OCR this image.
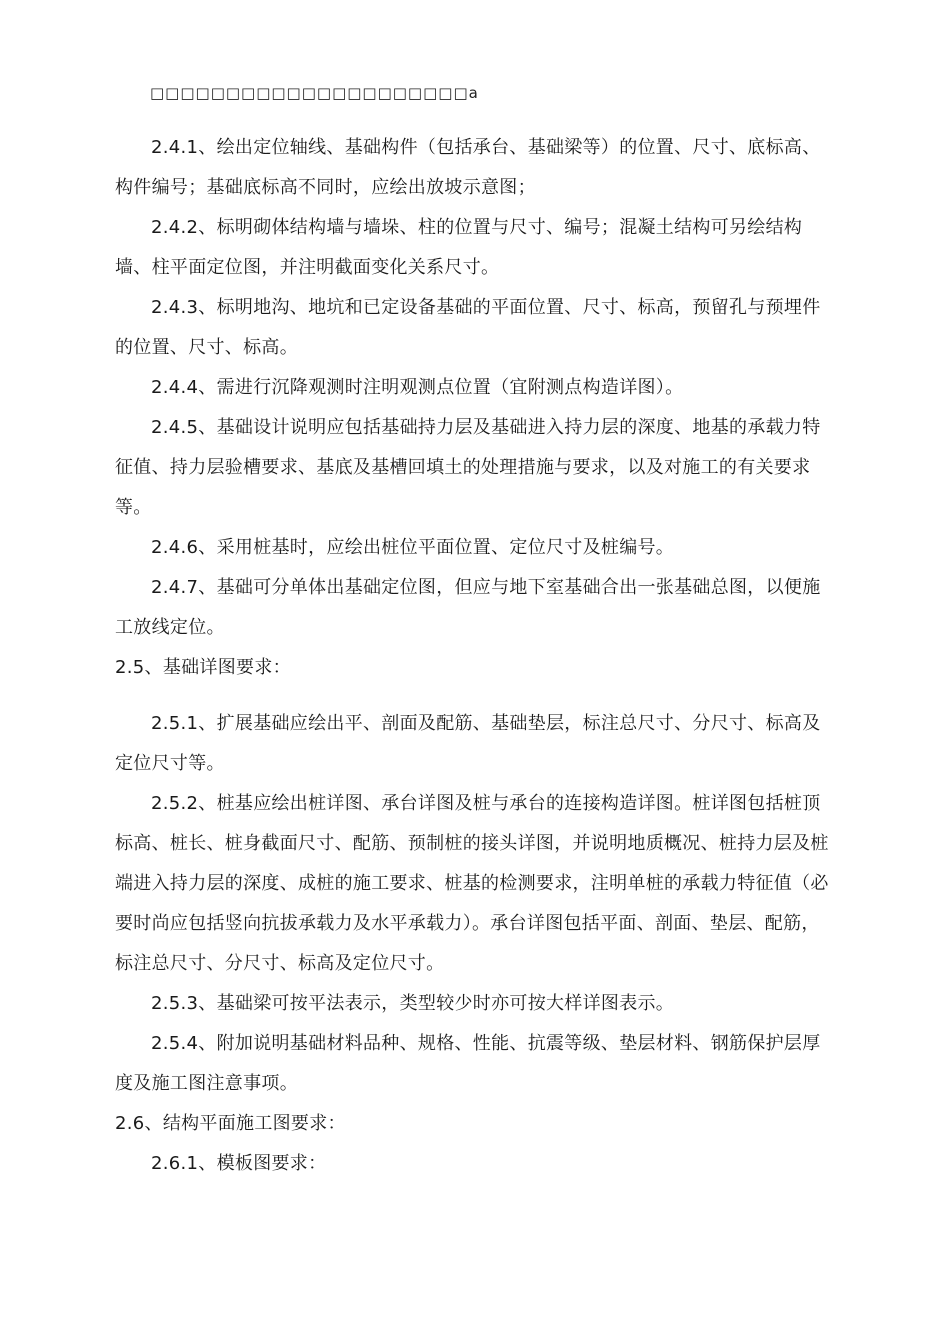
□□□□□□□□□□□□□□□□□□□□□a
2.4.1、绘出定位轴线、基础构件（包括承台、基础梁等）的位置、尺寸、底标高、构件编号；基础底标高不同时，应绘出放坡示意图；
2.4.2、标明砌体结构墙与墙垛、柱的位置与尺寸、编号；混凝土结构可另绘结构墙、柱平面定位图，并注明截面变化关系尺寸。
2.4.3、标明地沟、地坑和已定设备基础的平面位置、尺寸、标高，预留孔与预埋件的位置、尺寸、标高。
2.4.4、需进行沉降观测时注明观测点位置（宜附测点构造详图）。
2.4.5、基础设计说明应包括基础持力层及基础进入持力层的深度、地基的承载力特征值、持力层验槽要求、基底及基槽回填土的处理措施与要求，以及对施工的有关要求等。
2.4.6、采用桩基时，应绘出桩位平面位置、定位尺寸及桩编号。
2.4.7、基础可分单体出基础定位图，但应与地下室基础合出一张基础总图，以便施工放线定位。
2.5、基础详图要求：
2.5.1、扩展基础应绘出平、剖面及配筋、基础垫层，标注总尺寸、分尺寸、标高及定位尺寸等。
2.5.2、桩基应绘出桩详图、承台详图及桩与承台的连接构造详图。桩详图包括桩顶标高、桩长、桩身截面尺寸、配筋、预制桩的接头详图，并说明地质概况、桩持力层及桩端进入持力层的深度、成桩的施工要求、桩基的检测要求，注明单桩的承载力特征值（必要时尚应包括竖向抗拔承载力及水平承载力）。承台详图包括平面、剖面、垫层、配筋，标注总尺寸、分尺寸、标高及定位尺寸。
2.5.3、基础梁可按平法表示，类型较少时亦可按大样详图表示。
2.5.4、附加说明基础材料品种、规格、性能、抗震等级、垫层材料、钢筋保护层厚度及施工图注意事项。
2.6、结构平面施工图要求：
2.6.1、模板图要求：
